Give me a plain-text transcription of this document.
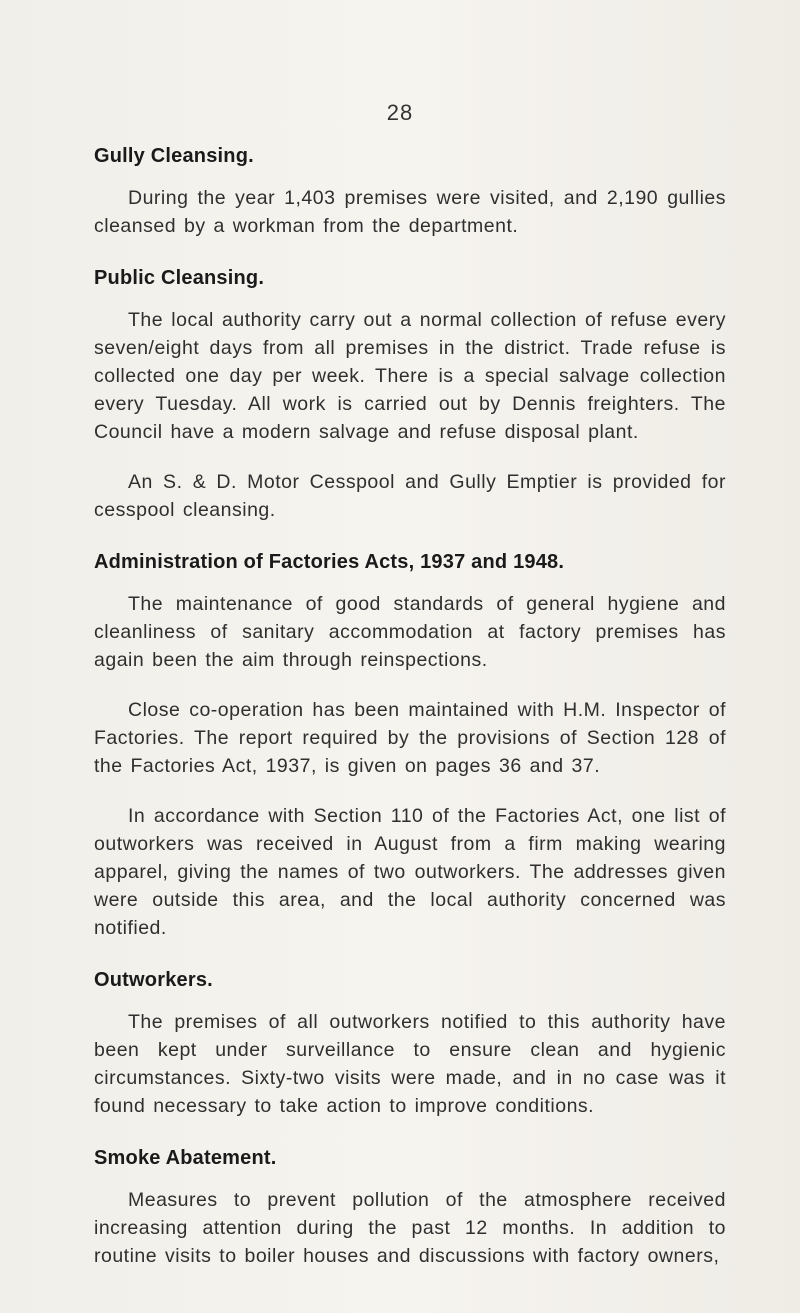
28
Gully Cleansing.

During the year 1,403 premises were visited, and 2,190 gullies cleansed by a workman from the department.

Public Cleansing.

The local authority carry out a normal collection of refuse every seven/eight days from all premises in the district. Trade refuse is collected one day per week. There is a special salvage collection every Tuesday. All work is carried out by Dennis freighters. The Council have a modern salvage and refuse disposal plant.

An S. & D. Motor Cesspool and Gully Emptier is provided for cesspool cleansing.

Administration of Factories Acts, 1937 and 1948.

The maintenance of good standards of general hygiene and cleanliness of sanitary accommodation at factory premises has again been the aim through reinspections.

Close co-operation has been maintained with H.M. Inspector of Factories. The report required by the provisions of Section 128 of the Factories Act, 1937, is given on pages 36 and 37.

In accordance with Section 110 of the Factories Act, one list of outworkers was received in August from a firm making wearing apparel, giving the names of two outworkers. The addresses given were outside this area, and the local authority concerned was notified.

Outworkers.

The premises of all outworkers notified to this authority have been kept under surveillance to ensure clean and hygienic circumstances. Sixty-two visits were made, and in no case was it found necessary to take action to improve conditions.

Smoke Abatement.

Measures to prevent pollution of the atmosphere received increasing attention during the past 12 months. In addition to routine visits to boiler houses and discussions with factory owners,
